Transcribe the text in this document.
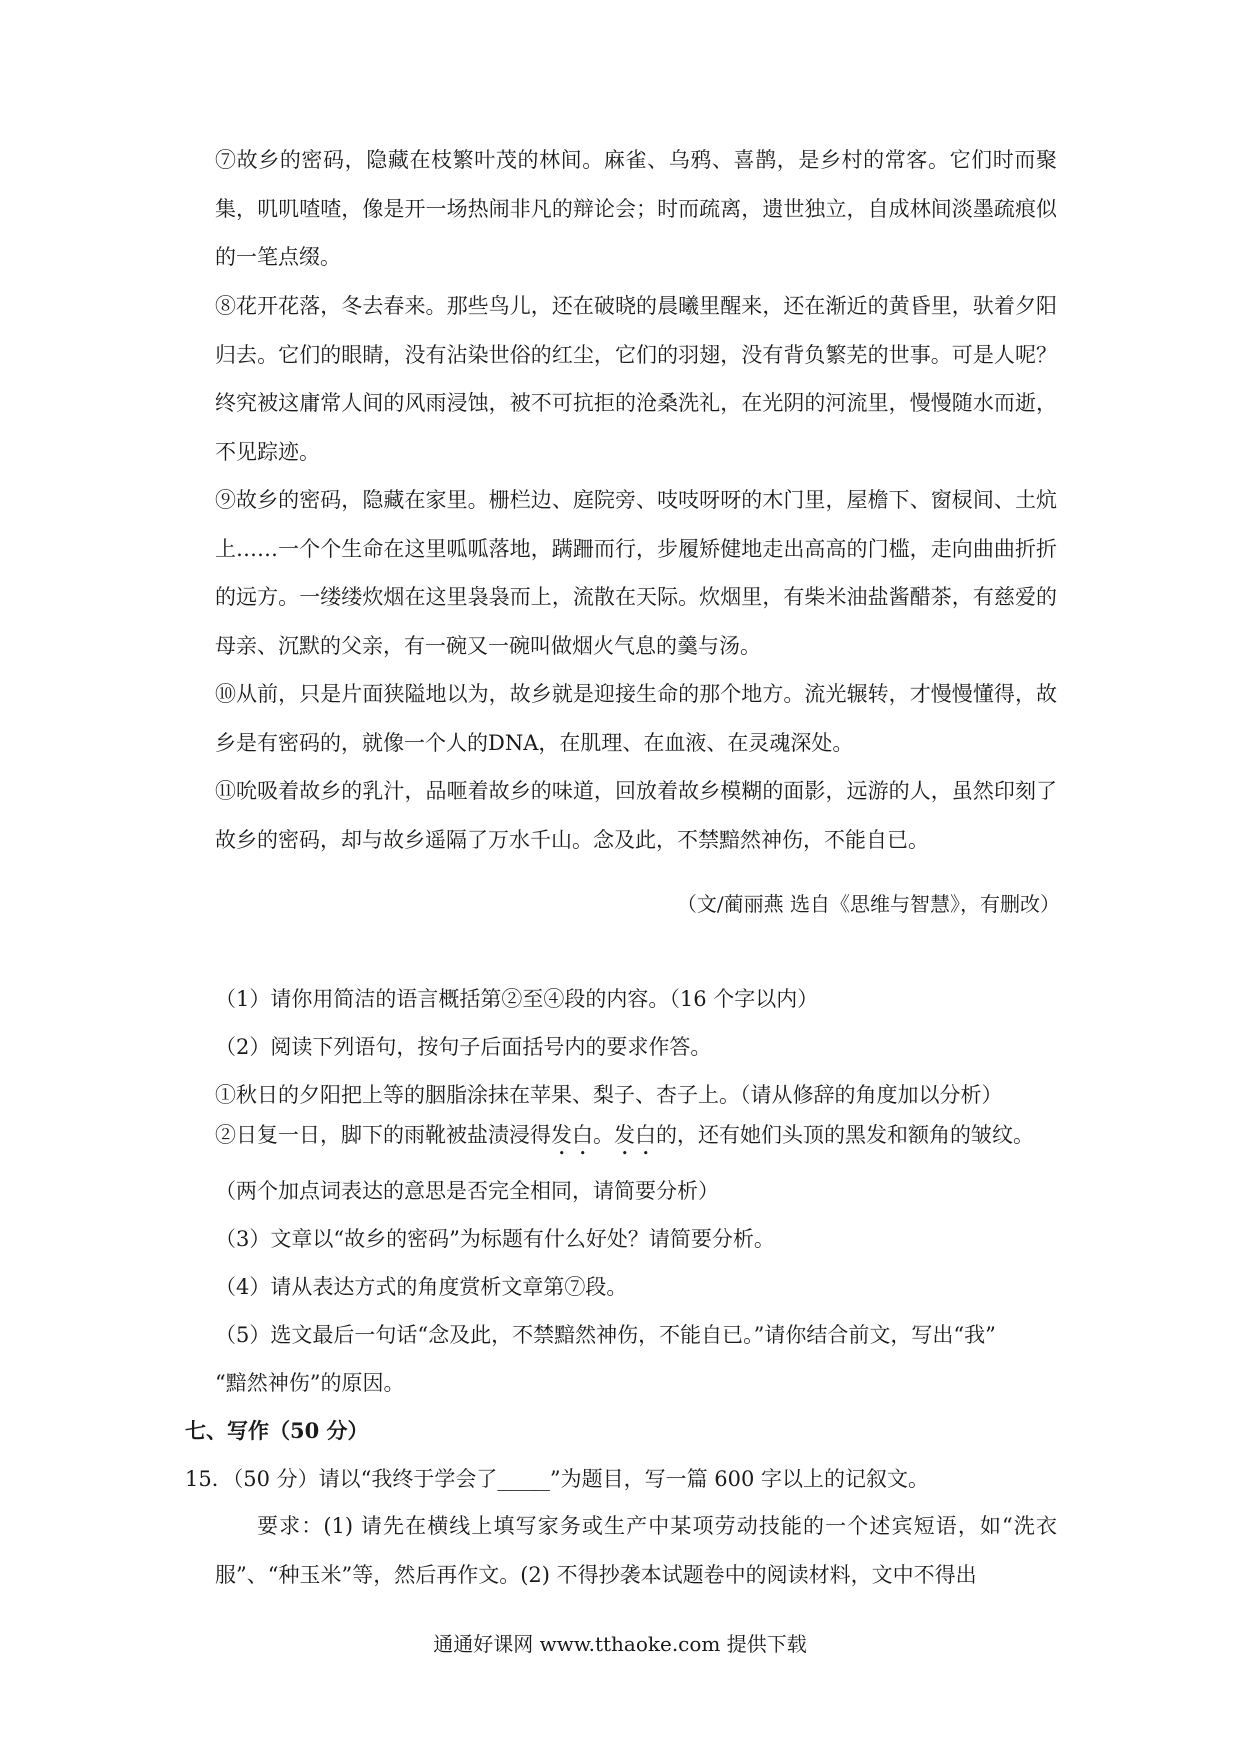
⑦故乡的密码，隐藏在枝繁叶茂的林间。麻雀、乌鸦、喜鹊，是乡村的常客。它们时而聚集，叽叽喳喳，像是开一场热闹非凡的辩论会；时而疏离，遗世独立，自成林间淡墨疏痕似的一笔点缀。

⑧花开花落，冬去春来。那些鸟儿，还在破晓的晨曦里醒来，还在渐近的黄昏里，驮着夕阳归去。它们的眼睛，没有沾染世俗的红尘，它们的羽翅，没有背负繁芜的世事。可是人呢？终究被这庸常人间的风雨浸蚀，被不可抗拒的沧桑洗礼，在光阴的河流里，慢慢随水而逝，不见踪迹。

⑨故乡的密码，隐藏在家里。栅栏边、庭院旁、吱吱呀呀的木门里，屋檐下、窗棂间、土炕上……一个个生命在这里呱呱落地，蹒跚而行，步履矫健地走出高高的门槛，走向曲曲折折的远方。一缕缕炊烟在这里袅袅而上，流散在天际。炊烟里，有柴米油盐酱醋茶，有慈爱的母亲、沉默的父亲，有一碗又一碗叫做烟火气息的羹与汤。

⑩从前，只是片面狭隘地以为，故乡就是迎接生命的那个地方。流光辗转，才慢慢懂得，故乡是有密码的，就像一个人的DNA，在肌理、在血液、在灵魂深处。

⑪吮吸着故乡的乳汁，品咂着故乡的味道，回放着故乡模糊的面影，远游的人，虽然印刻了故乡的密码，却与故乡遥隔了万水千山。念及此，不禁黯然神伤，不能自已。

（文/蔺丽燕 选自《思维与智慧》，有删改）

（1）请你用简洁的语言概括第②至④段的内容。（16 个字以内）

（2）阅读下列语句，按句子后面括号内的要求作答。

①秋日的夕阳把上等的胭脂涂抹在苹果、梨子、杏子上。（请从修辞的角度加以分析）

②日复一日，脚下的雨靴被盐渍浸得发白。发白的，还有她们头顶的黑发和额角的皱纹。

（两个加点词表达的意思是否完全相同，请简要分析）

（3）文章以“故乡的密码”为标题有什么好处？请简要分析。

（4）请从表达方式的角度赏析文章第⑦段。

（5）选文最后一句话“念及此，不禁黯然神伤，不能自已。”请你结合前文，写出“我”

“黯然神伤”的原因。

七、写作（50 分）

15．（50 分）请以“我终于学会了_____”为题目，写一篇 600 字以上的记叙文。

要求：(1) 请先在横线上填写家务或生产中某项劳动技能的一个述宾短语，如“洗衣服”、“种玉米”等，然后再作文。(2) 不得抄袭本试题卷中的阅读材料，文中不得出

通通好课网 www.tthaoke.com 提供下载
